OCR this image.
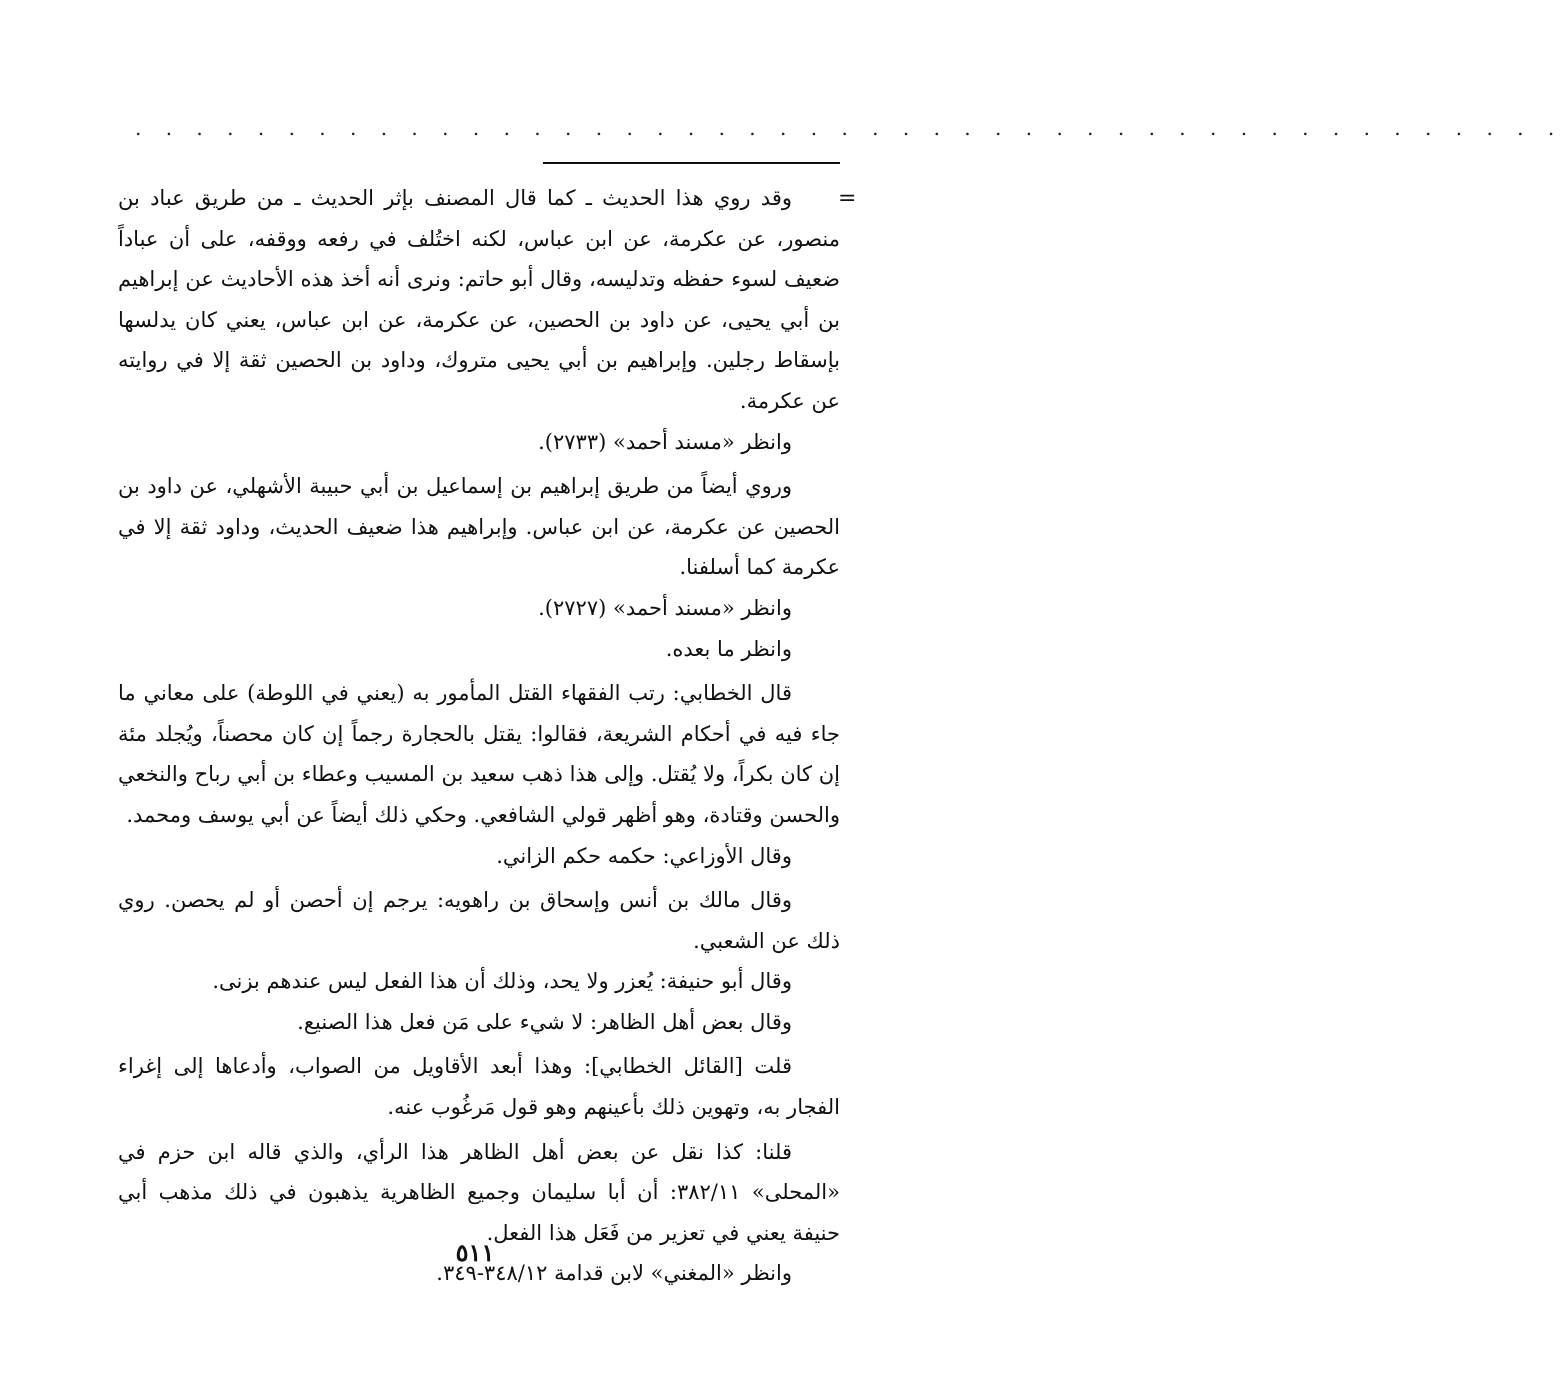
. . . . . . . . . . . . . . . . . . . . . . . . . . . . . . . . . . . . . . . . . . . . . . .
=

وقد روي هذا الحديث ـ كما قال المصنف بإثر الحديث ـ من طريق عباد بن منصور، عن عكرمة، عن ابن عباس، لكنه اختُلف في رفعه ووقفه، على أن عباداً ضعيف لسوء حفظه وتدليسه، وقال أبو حاتم: ونرى أنه أخذ هذه الأحاديث عن إبراهيم بن أبي يحيى، عن داود بن الحصين، عن عكرمة، عن ابن عباس، يعني كان يدلسها بإسقاط رجلين. وإبراهيم بن أبي يحيى متروك، وداود بن الحصين ثقة إلا في روايته عن عكرمة.

وانظر «مسند أحمد» (٢٧٣٣).

وروي أيضاً من طريق إبراهيم بن إسماعيل بن أبي حبيبة الأشهلي، عن داود بن الحصين عن عكرمة، عن ابن عباس. وإبراهيم هذا ضعيف الحديث، وداود ثقة إلا في عكرمة كما أسلفنا.

وانظر «مسند أحمد» (٢٧٢٧).

وانظر ما بعده.

قال الخطابي: رتب الفقهاء القتل المأمور به (يعني في اللوطة) على معاني ما جاء فيه في أحكام الشريعة، فقالوا: يقتل بالحجارة رجماً إن كان محصناً، ويُجلد مئة إن كان بكراً، ولا يُقتل. وإلى هذا ذهب سعيد بن المسيب وعطاء بن أبي رباح والنخعي والحسن وقتادة، وهو أظهر قولي الشافعي. وحكي ذلك أيضاً عن أبي يوسف ومحمد.

وقال الأوزاعي: حكمه حكم الزاني.

وقال مالك بن أنس وإسحاق بن راهويه: يرجم إن أحصن أو لم يحصن. روي ذلك عن الشعبي.

وقال أبو حنيفة: يُعزر ولا يحد، وذلك أن هذا الفعل ليس عندهم بزنى.

وقال بعض أهل الظاهر: لا شيء على مَن فعل هذا الصنيع.

قلت [القائل الخطابي]: وهذا أبعد الأقاويل من الصواب، وأدعاها إلى إغراء الفجار به، وتهوين ذلك بأعينهم وهو قول مَرغُوب عنه.

قلنا: كذا نقل عن بعض أهل الظاهر هذا الرأي، والذي قاله ابن حزم في «المحلى» ٣٨٢/١١: أن أبا سليمان وجميع الظاهرية يذهبون في ذلك مذهب أبي حنيفة يعني في تعزير من فَعَل هذا الفعل.

وانظر «المغني» لابن قدامة ٣٤٨/١٢-٣٤٩.

٥١١
